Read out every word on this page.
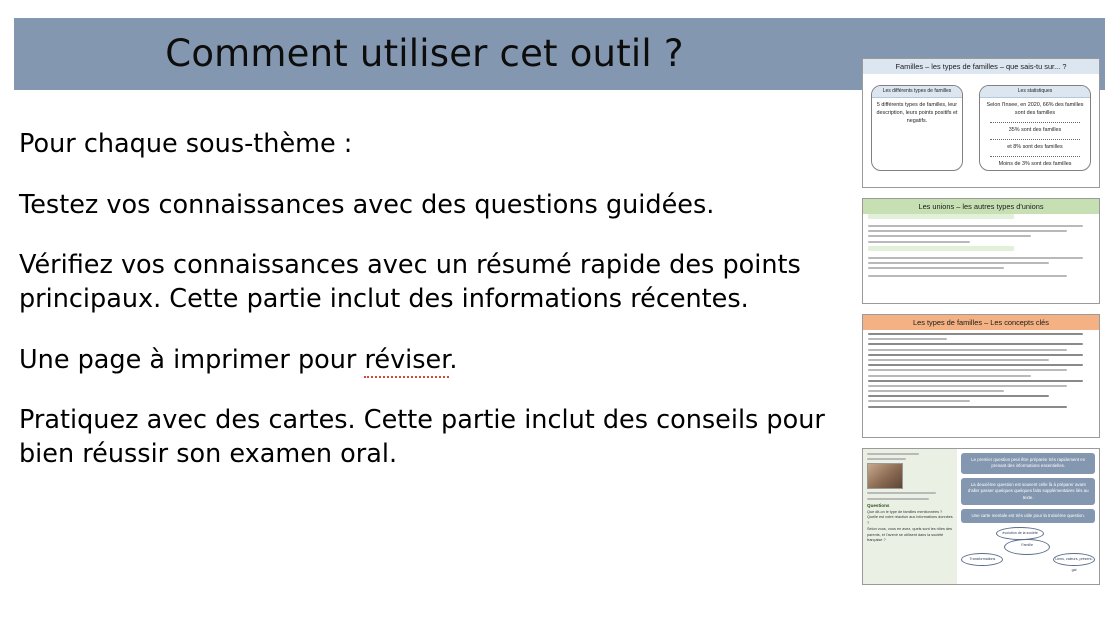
Comment utiliser cet outil ?

Pour chaque sous-thème :

Testez vos connaissances avec des questions guidées.

Vérifiez vos connaissances avec un résumé rapide des points principaux. Cette partie inclut des informations récentes.

Une page à imprimer pour réviser.

Pratiquez avec des cartes. Cette partie inclut des conseils pour bien réussir son examen oral.

Familles – les types de familles – que sais-tu sur... ?
Les différents types de familles
5 différents types de familles, leur description, leurs points positifs et negatifs.
Les statistiques
Selon l'Insee, en 2020, 66% des familles sont des familles
35% sont des familles
et 8% sont des familles
Moins de 3% sont des familles
Les unions – les autres types d'unions
Les types de familles – Les concepts clés
Questions
Que dit-on le type de familles mentionnées ?
Quelle est votre réaction aux informations données ?
Selon vous, vous en avez, quels sont les rôles des parents, et l'avenir se utilisent dans la société française ?
Le premier question peut être préparée très rapidement en prenant des informations essentielles.
La deuxième question est souvent celle là à préparer avant d'aller passer quelques quelques faits supplémentaires liés au texte.
Une carte mentale est très utile pour la troisième question.
évolution de la société
Famille
Transformations	Liens, valeurs, présent-gai
